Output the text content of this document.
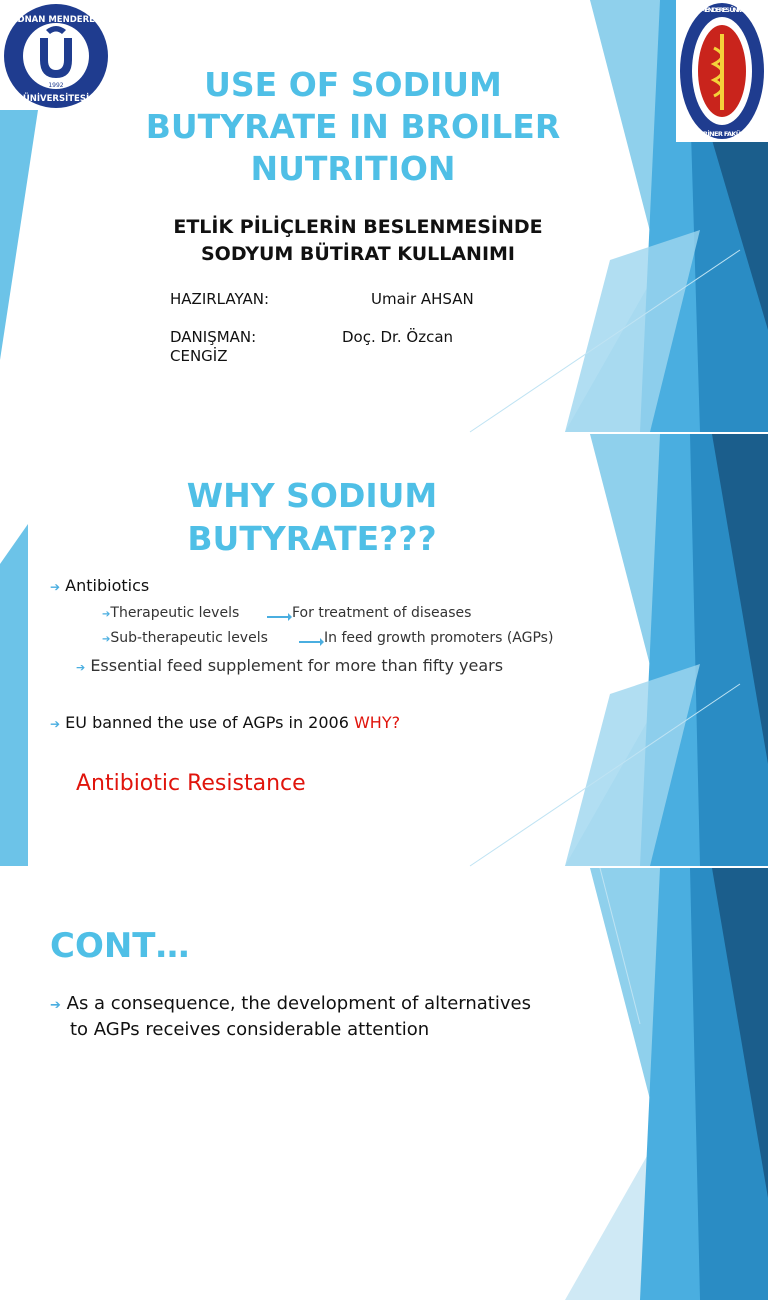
ADNAN MENDERES
ÜNİVERSİTESİ
1992
ADNAN MENDERES ÜNİVERSİTESİ
VETERİNER FAKÜLTESİ
USE OF SODIUM
BUTYRATE IN BROILER
NUTRITION
ETLİK PİLİÇLERİN BESLENMESİNDE
SODYUM BÜTİRAT KULLANIMI
HAZIRLAYAN:	Umair AHSAN
DANIŞMAN:	Doç. Dr. Özcan
CENGİZ
WHY SODIUM
BUTYRATE???
➔ Antibiotics
➔Therapeutic levels	For treatment of diseases
➔Sub-therapeutic levels	In feed growth promoters (AGPs)
➔ Essential feed supplement for more than fifty years
➔ EU banned the use of AGPs in 2006 WHY?
Antibiotic Resistance
CONT…
➔ As a consequence, the development of alternatives
to AGPs receives considerable attention
